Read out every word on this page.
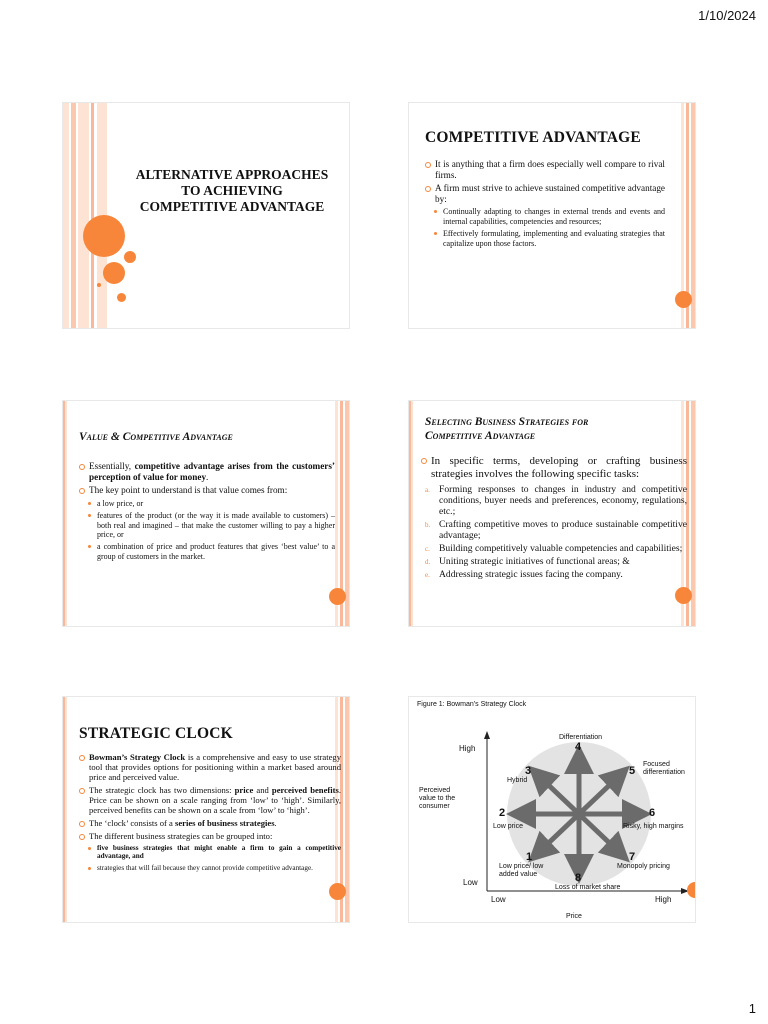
1/10/2024
ALTERNATIVE APPROACHES
TO ACHIEVING
COMPETITIVE ADVANTAGE
COMPETITIVE ADVANTAGE
It is anything that a firm does especially well compare to rival firms.
A firm must strive to achieve sustained competitive advantage by:
Continually adapting to changes in external trends and events and internal capabilities, competencies and resources;
Effectively formulating, implementing and evaluating strategies that capitalize upon those factors.
Value & Competitive Advantage
Essentially, competitive advantage arises from the customers’ perception of value for money.
The key point to understand is that value comes from:
a low price, or
features of the product (or the way it is made available to customers) – both real and imagined – that make the customer willing to pay a higher price, or
a combination of price and product features that gives ‘best value’ to a group of customers in the market.
Selecting Business Strategies for
Competitive Advantage
In specific terms, developing or crafting business strategies involves the following specific tasks:
a. Forming responses to changes in industry and competitive conditions, buyer needs and preferences, economy, regulations, etc.;
b. Crafting competitive moves to produce sustainable competitive advantage;
c. Building competitively valuable competencies and capabilities;
d. Uniting strategic initiatives of functional areas; &
e. Addressing strategic issues facing the company.
STRATEGIC CLOCK
Bowman’s Strategy Clock is a comprehensive and easy to use strategy tool that provides options for positioning within a market based around price and perceived value.
The strategic clock has two dimensions: price and perceived benefits. Price can be shown on a scale ranging from ‘low’ to ‘high’. Similarly, perceived benefits can be shown on a scale from ‘low’ to ‘high’.
The ‘clock’ consists of a series of business strategies.
The different business strategies can be grouped into:
five business strategies that might enable a firm to gain a competitive advantage, and
strategies that will fail because they cannot provide competitive advantage.
Figure 1: Bowman's Strategy Clock
High
Low
Perceived
value to the
consumer
Low	High
Price
4
3	5
2	6
1	7
8
Differentiation
Hybrid
Focused differentiation
Low price	Risky, high margins
Low price/ low added value
Monopoly pricing
Loss of market share
1
